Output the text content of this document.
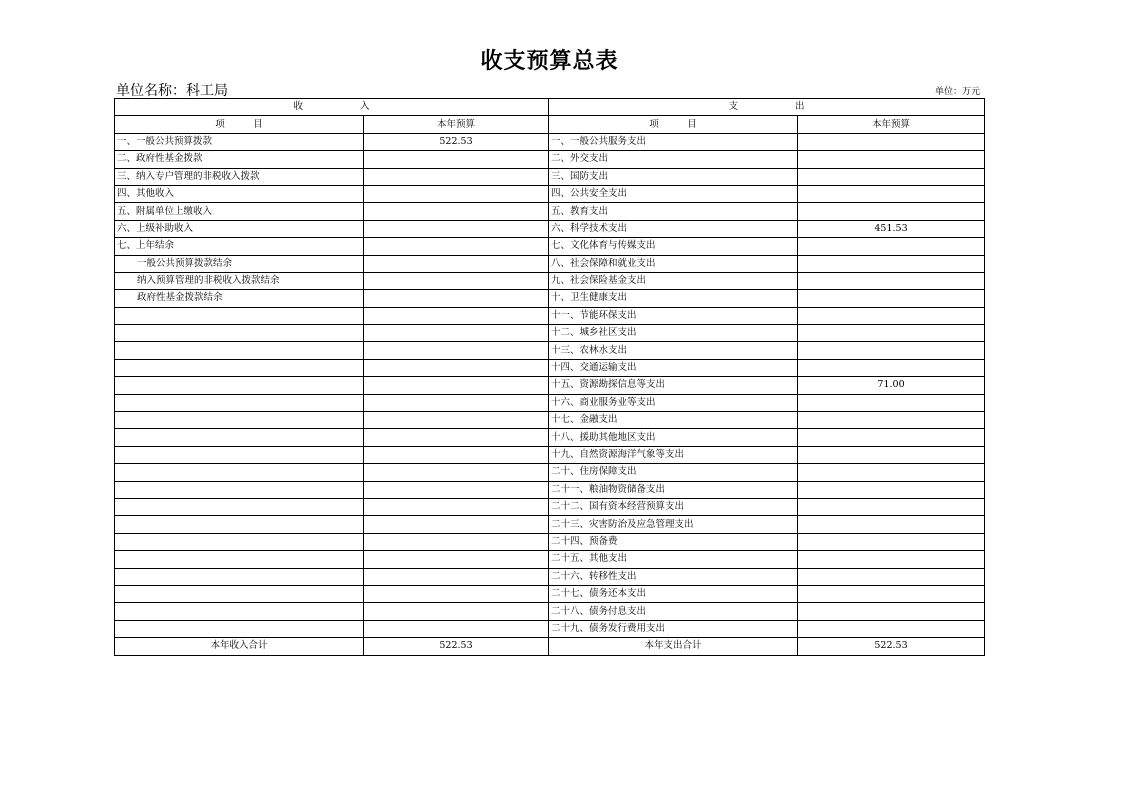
收支预算总表
单位名称：科工局	单位：万元
收　　　　　　入		支　　　　　　出	
项　　　目	本年预算	项　　　目	本年预算
一、一般公共预算拨款	522.53	一、一般公共服务支出	
二、政府性基金拨款		二、外交支出	
三、纳入专户管理的非税收入拨款		三、国防支出	
四、其他收入		四、公共安全支出	
五、附属单位上缴收入		五、教育支出	
六、上级补助收入		六、科学技术支出	451.53
七、上年结余		七、文化体育与传媒支出	
一般公共预算拨款结余		八、社会保障和就业支出	
纳入预算管理的非税收入拨款结余		九、社会保险基金支出	
政府性基金拨款结余		十、卫生健康支出	
		十一、节能环保支出	
		十二、城乡社区支出	
		十三、农林水支出	
		十四、交通运输支出	
		十五、资源勘探信息等支出	71.00
		十六、商业服务业等支出	
		十七、金融支出	
		十八、援助其他地区支出	
		十九、自然资源海洋气象等支出	
		二十、住房保障支出	
		二十一、粮油物资储备支出	
		二十二、国有资本经营预算支出	
		二十三、灾害防治及应急管理支出	
		二十四、预备费	
		二十五、其他支出	
		二十六、转移性支出	
		二十七、债务还本支出	
		二十八、债务付息支出	
		二十九、债务发行费用支出	
本年收入合计	522.53	本年支出合计	522.53
